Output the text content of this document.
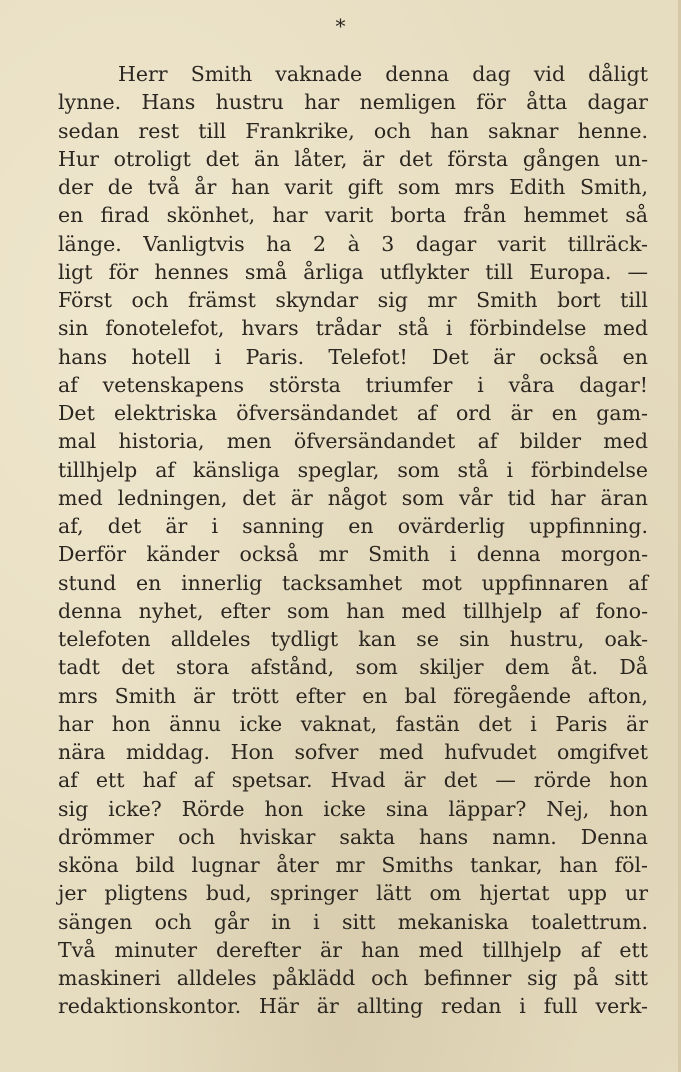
*
Herr Smith vaknade denna dag vid dåligt
lynne. Hans hustru har nemligen för åtta dagar
sedan rest till Frankrike, och han saknar henne.
Hur otroligt det än låter, är det första gången un-
der de två år han varit gift som mrs Edith Smith,
en firad skönhet, har varit borta från hemmet så
länge. Vanligtvis ha 2 à 3 dagar varit tillräck-
ligt för hennes små årliga utflykter till Europa. —
Först och främst skyndar sig mr Smith bort till
sin fonotelefot, hvars trådar stå i förbindelse med
hans hotell i Paris. Telefot! Det är också en
af vetenskapens största triumfer i våra dagar!
Det elektriska öfversändandet af ord är en gam-
mal historia, men öfversändandet af bilder med
tillhjelp af känsliga speglar, som stå i förbindelse
med ledningen, det är något som vår tid har äran
af, det är i sanning en ovärderlig uppfinning.
Derför känder också mr Smith i denna morgon-
stund en innerlig tacksamhet mot uppfinnaren af
denna nyhet, efter som han med tillhjelp af fono-
telefoten alldeles tydligt kan se sin hustru, oak-
tadt det stora afstånd, som skiljer dem åt. Då
mrs Smith är trött efter en bal föregående afton,
har hon ännu icke vaknat, fastän det i Paris är
nära middag. Hon sofver med hufvudet omgifvet
af ett haf af spetsar. Hvad är det — rörde hon
sig icke? Rörde hon icke sina läppar? Nej, hon
drömmer och hviskar sakta hans namn. Denna
sköna bild lugnar åter mr Smiths tankar, han föl-
jer pligtens bud, springer lätt om hjertat upp ur
sängen och går in i sitt mekaniska toalettrum.
Två minuter derefter är han med tillhjelp af ett
maskineri alldeles påklädd och befinner sig på sitt
redaktionskontor. Här är allting redan i full verk-
